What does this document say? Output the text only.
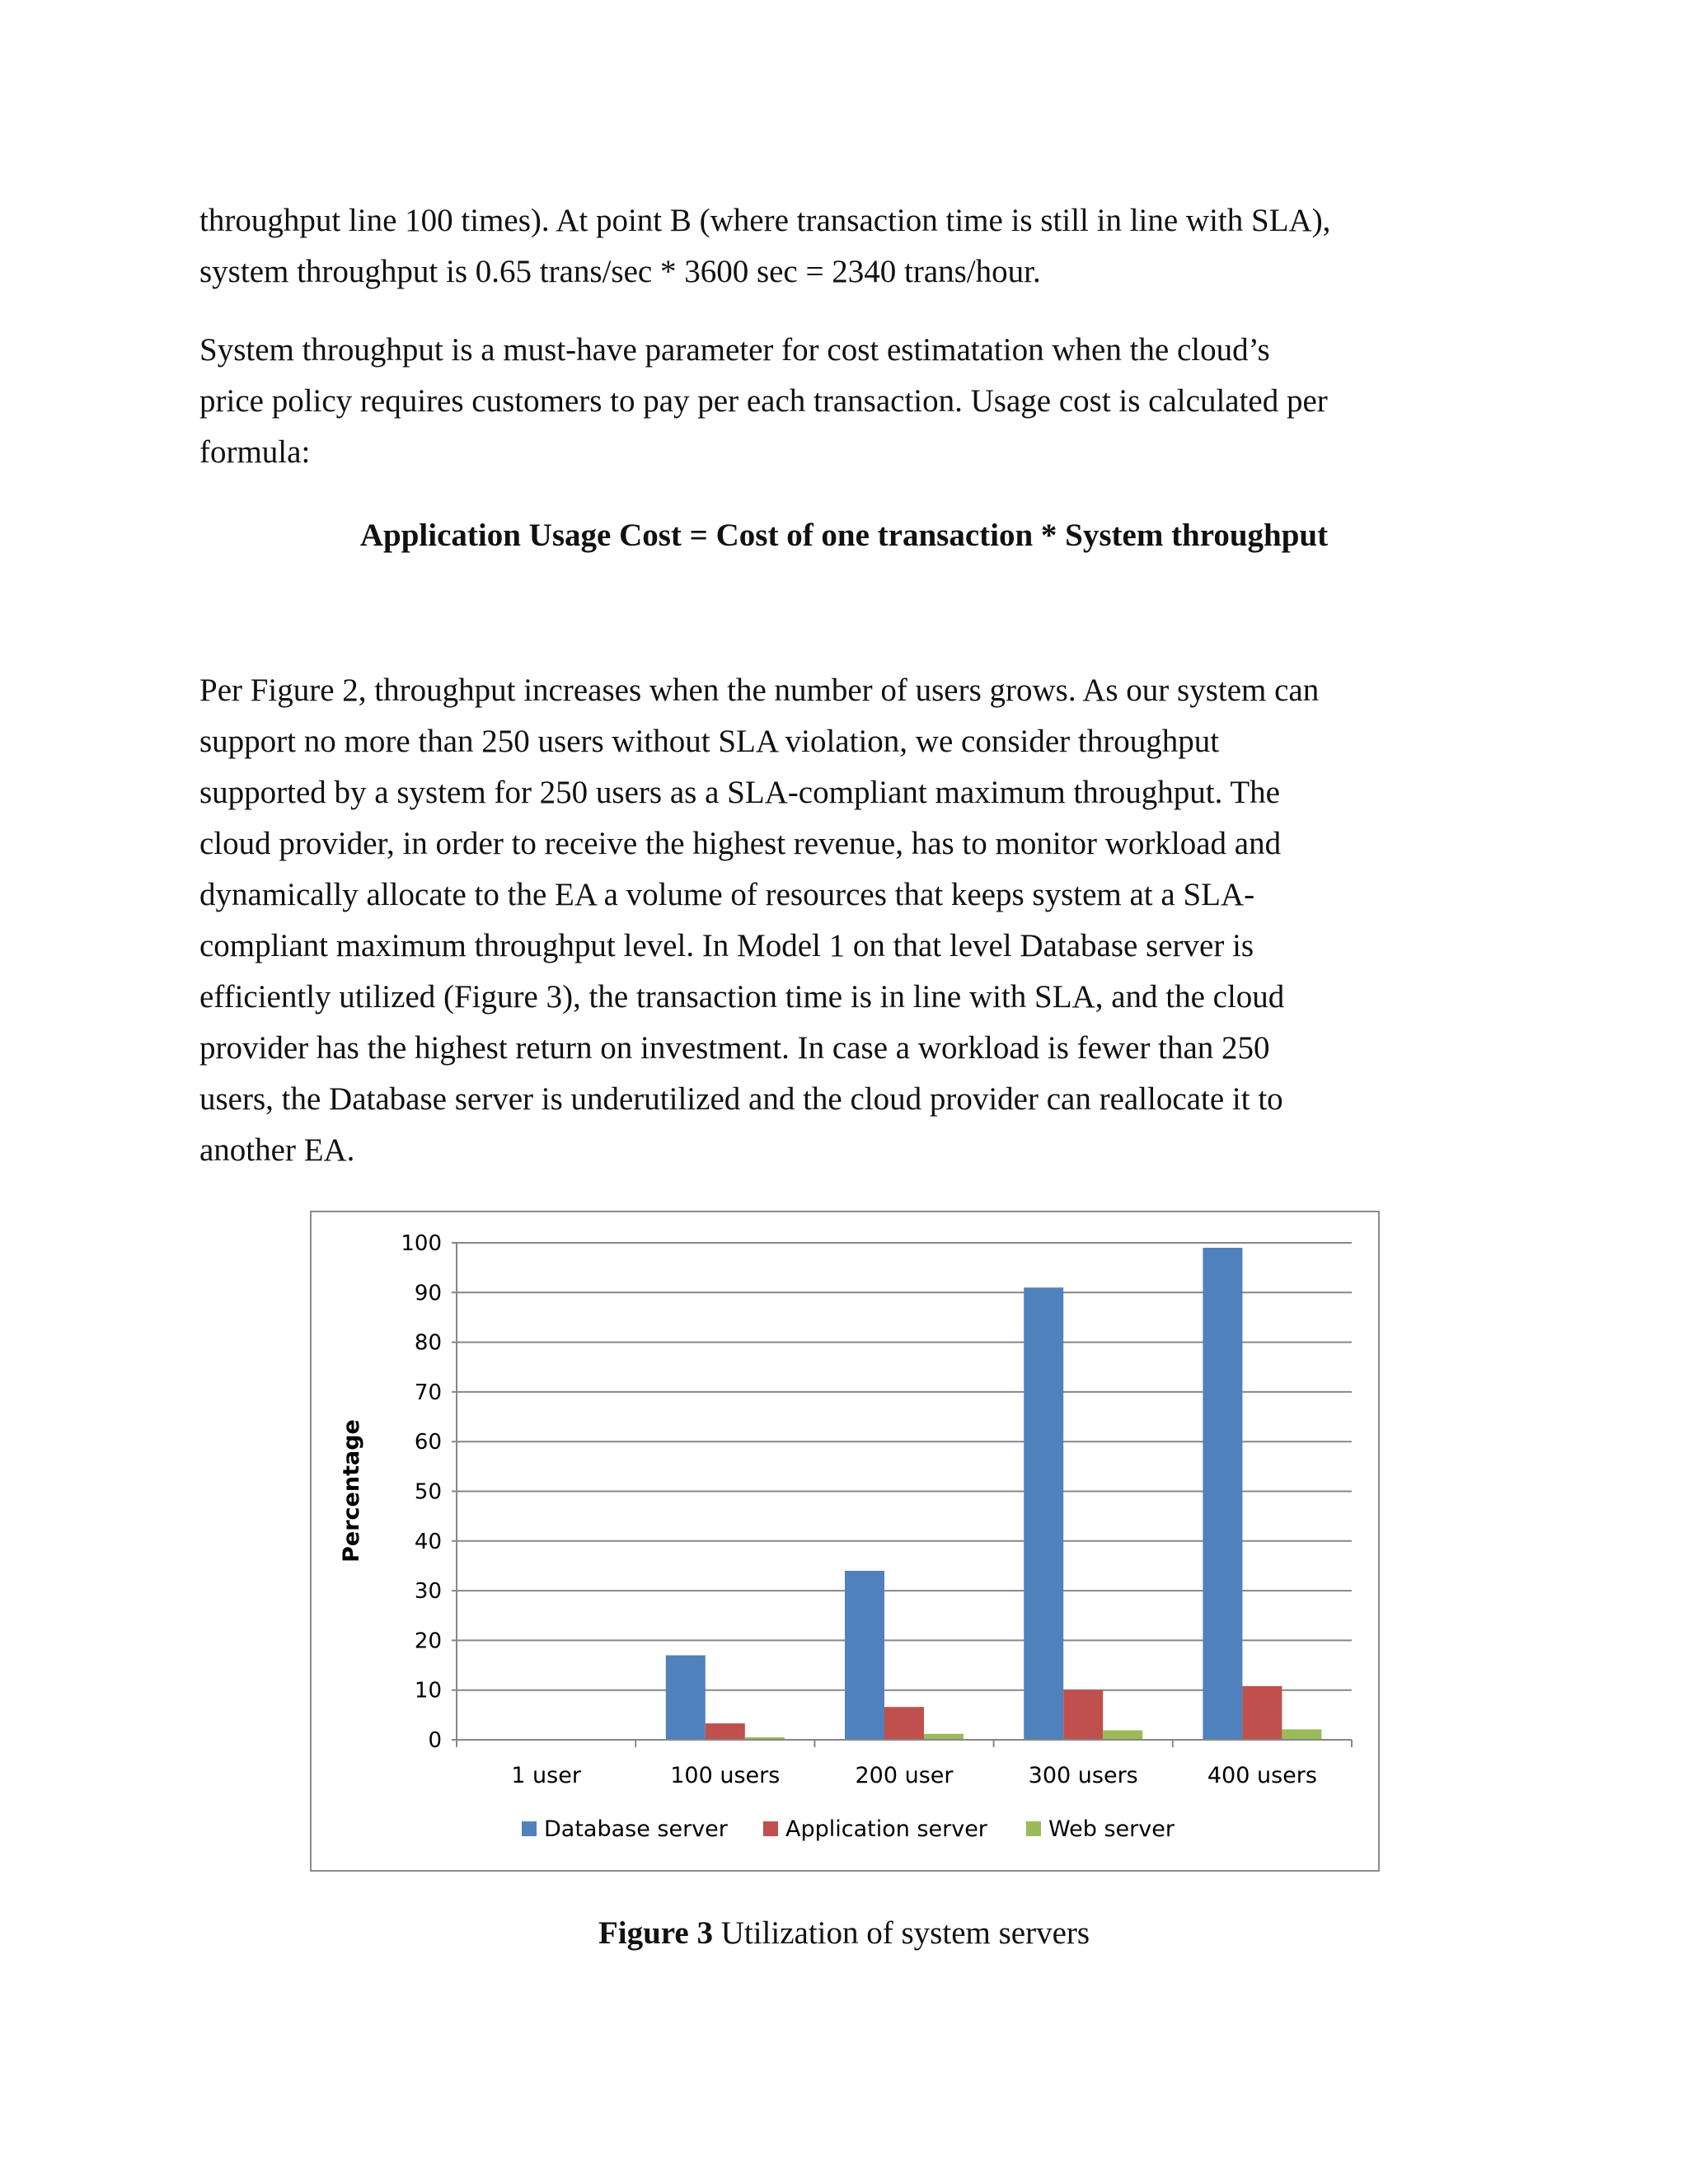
throughput line 100 times). At point B (where transaction time is still in line with SLA),
system throughput is 0.65 trans/sec * 3600 sec = 2340 trans/hour.
System throughput is a must-have parameter for cost estimatation when the cloud’s
price policy requires customers to pay per each transaction. Usage cost is calculated per
formula:
Per Figure 2, throughput increases when the number of users grows. As our system can
support no more than 250 users without SLA violation, we consider throughput
supported by a system for 250 users as a SLA-compliant maximum throughput. The
cloud provider, in order to receive the highest revenue, has to monitor workload and
dynamically allocate to the EA a volume of resources that keeps system at a SLA-
compliant maximum throughput level. In Model 1 on that level Database server is
efficiently utilized (Figure 3), the transaction time is in line with SLA, and the cloud
provider has the highest return on investment. In case a workload is fewer than 250
users, the Database server is underutilized and the cloud provider can reallocate it to
another EA.
Application Usage Cost = Cost of one transaction * System throughput
0
10
20
30
40
50
60
70
80
90
100
1 user	100 users	200 user	300 users	400 users
Percentage
Database server	Application server	Web server
Figure 3 Utilization of system servers
